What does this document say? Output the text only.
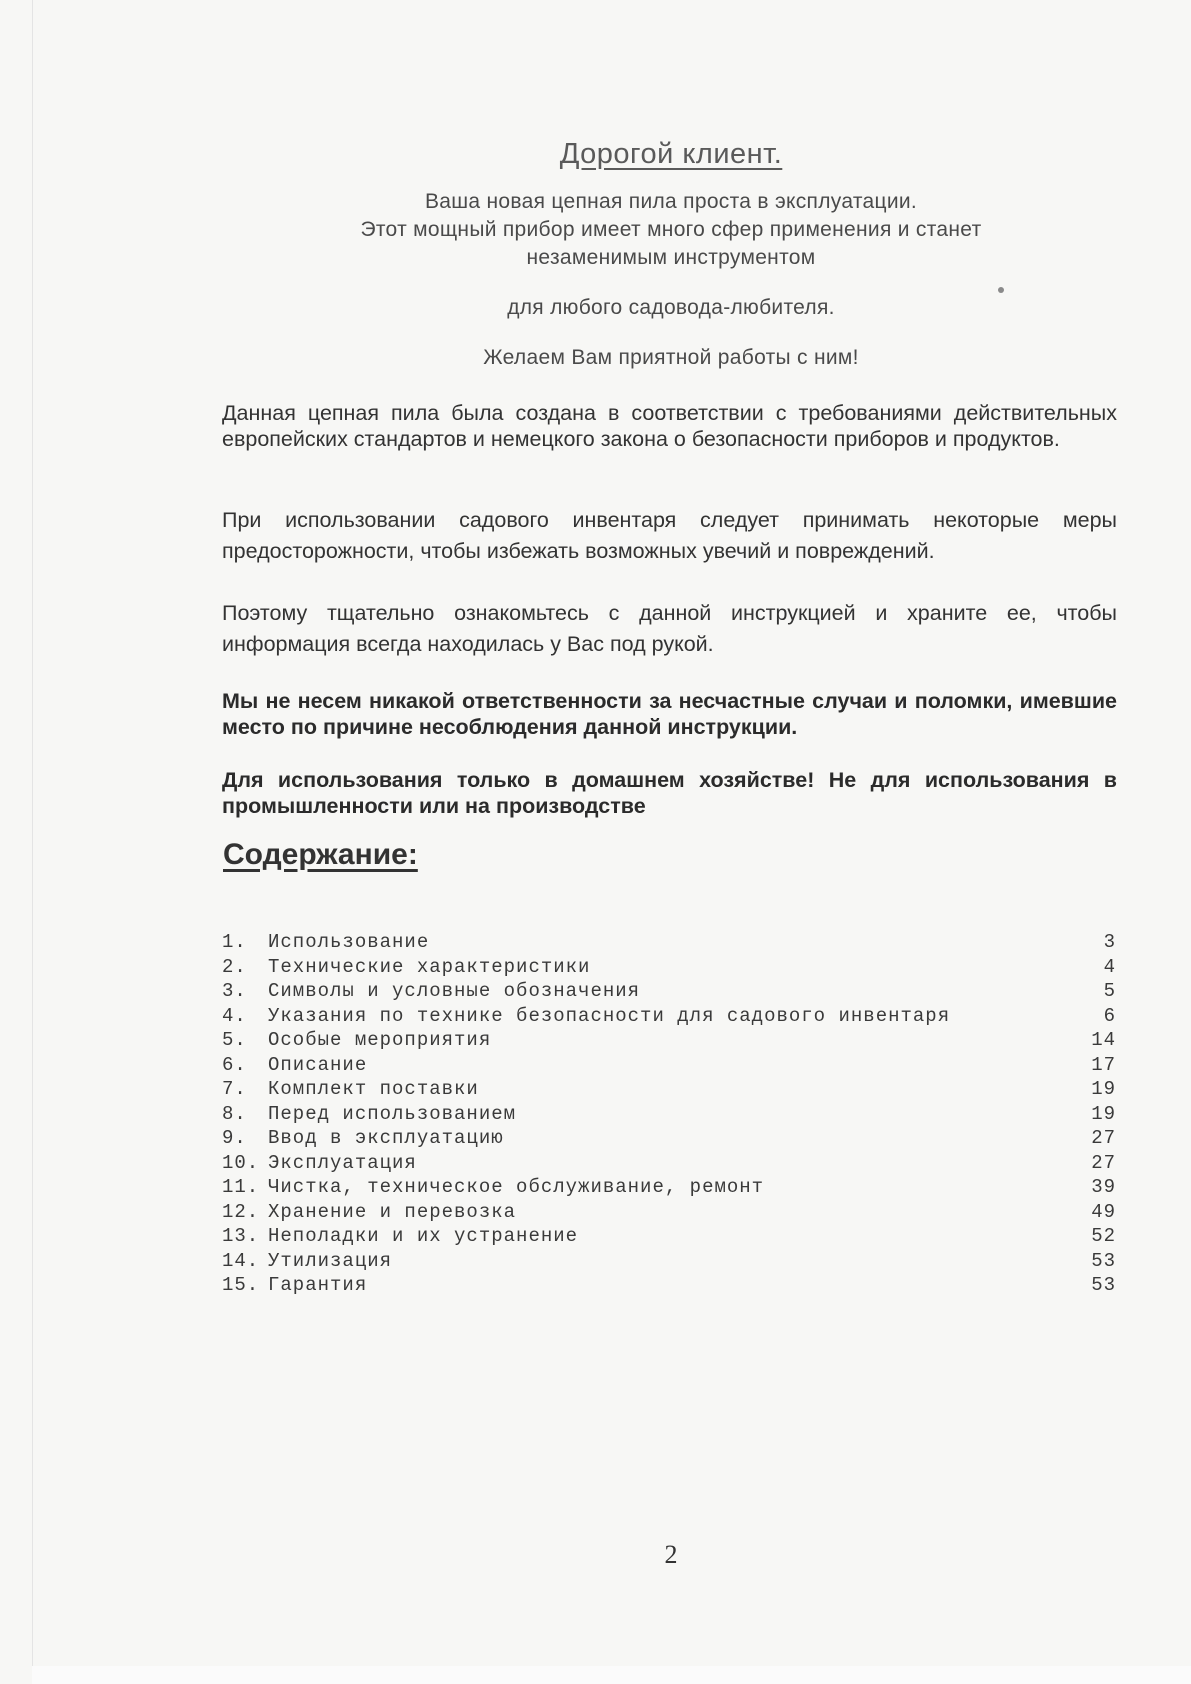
Дорогой клиент.
Ваша новая цепная пила проста в эксплуатации.
Этот мощный прибор имеет много сфер применения и станет
незаменимым инструментом
для любого садовода-любителя.
Желаем Вам приятной работы с ним!
Данная цепная пила была создана в соответствии с требованиями действительных европейских стандартов и немецкого закона о безопасности приборов и продуктов.
При использовании садового инвентаря следует принимать некоторые меры предосторожности, чтобы избежать возможных увечий и повреждений.
Поэтому тщательно ознакомьтесь с данной инструкцией и храните ее, чтобы информация всегда находилась у Вас под рукой.
Мы не несем никакой ответственности за несчастные случаи и поломки, имевшие место по причине несоблюдения данной инструкции.
Для использования только в домашнем хозяйстве! Не для использования в промышленности или на производстве
Содержание:
1.	Использование	3
2.	Технические характеристики	4
3.	Символы и условные обозначения	5
4.	Указания по технике безопасности для садового инвентаря	6
5.	Особые мероприятия	14
6.	Описание	17
7.	Комплект поставки	19
8.	Перед использованием	19
9.	Ввод в эксплуатацию	27
10. Эксплуатация	27
11. Чистка, техническое обслуживание, ремонт	39
12. Хранение и перевозка	49
13. Неполадки и их устранение	52
14. Утилизация	53
15. Гарантия	53
2
